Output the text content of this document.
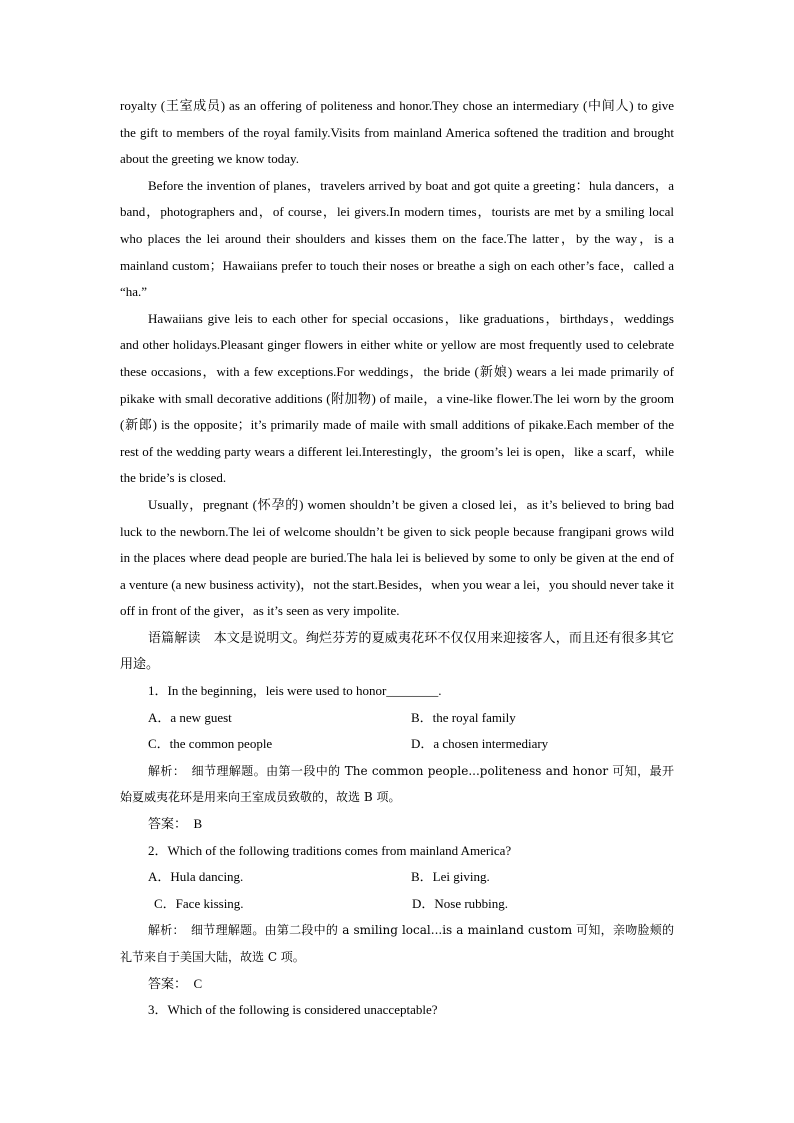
royalty (王室成员) as an offering of politeness and honor.They chose an intermediary (中间人) to give the gift to members of the royal family.Visits from mainland America softened the tradition and brought about the greeting we know today.

Before the invention of planes，travelers arrived by boat and got quite a greeting：hula dancers，a band，photographers and，of course，lei givers.In modern times，tourists are met by a smiling local who places the lei around their shoulders and kisses them on the face.The latter，by the way，is a mainland custom；Hawaiians prefer to touch their noses or breathe a sigh on each other’s face，called a “ha.”

Hawaiians give leis to each other for special occasions，like graduations，birthdays，weddings and other holidays.Pleasant ginger flowers in either white or yellow are most frequently used to celebrate these occasions，with a few exceptions.For weddings，the bride (新娘) wears a lei made primarily of pikake with small decorative additions (附加物) of maile，a vine-like flower.The lei worn by the groom (新郎) is the opposite；it’s primarily made of maile with small additions of pikake.Each member of the rest of the wedding party wears a different lei.Interestingly，the groom’s lei is open，like a scarf，while the bride’s is closed.

Usually，pregnant (怀孕的) women shouldn’t be given a closed lei，as it’s believed to bring bad luck to the newborn.The lei of welcome shouldn’t be given to sick people because frangipani grows wild in the places where dead people are buried.The hala lei is believed by some to only be given at the end of a venture (a new business activity)，not the start.Besides，when you wear a lei，you should never take it off in front of the giver，as it’s seen as very impolite.

语篇解读　本文是说明文。绚烂芬芳的夏威夷花环不仅仅用来迎接客人，而且还有很多其它用途。

1．In the beginning，leis were used to honor________.

A．a new guest	B．the royal family
C．the common people	D．a chosen intermediary

解析：　 细节理解题。由第一段中的 The common people...politeness and honor 可知，最开始夏威夷花环是用来向王室成员致敬的，故选 B 项。

答案：　 B

2．Which of the following traditions comes from mainland America?

A．Hula dancing.	B．Lei giving.
C．Face kissing.	D．Nose rubbing.

解析：　 细节理解题。由第二段中的 a smiling local...is a mainland custom 可知，亲吻脸颊的礼节来自于美国大陆，故选 C 项。

答案：　 C

3．Which of the following is considered unacceptable?
